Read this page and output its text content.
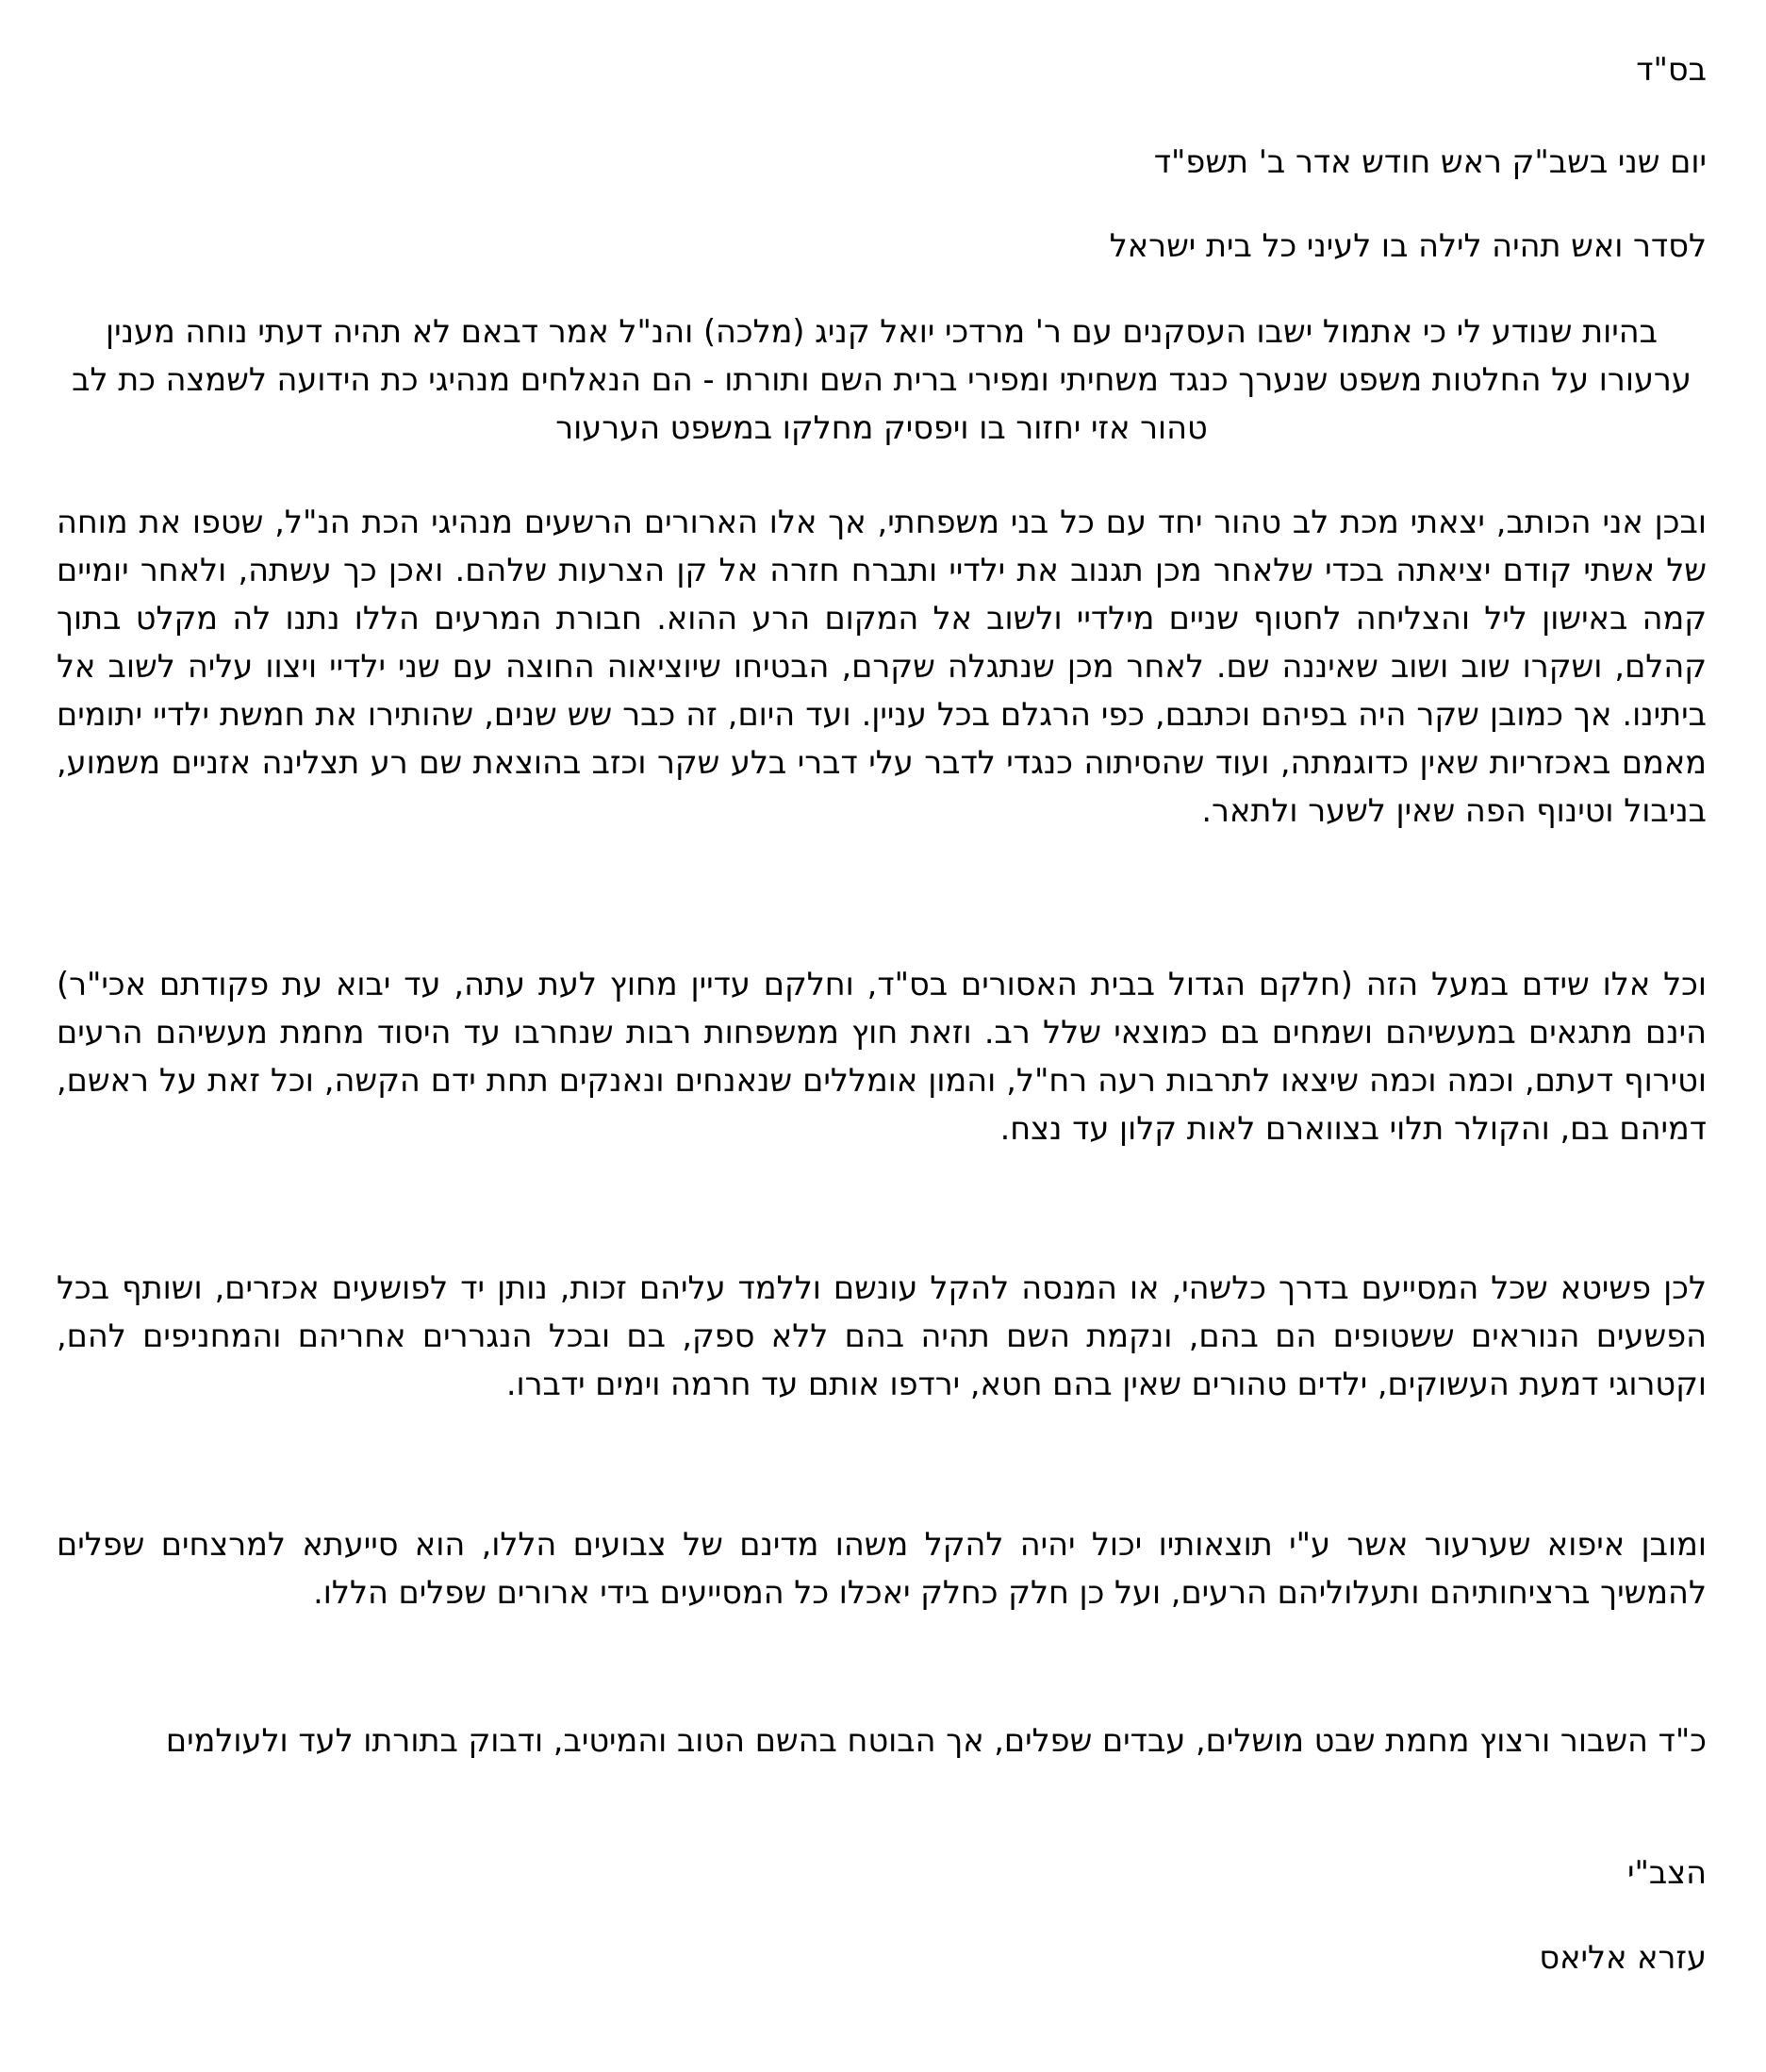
בס"ד
יום שני בשב"ק ראש חודש אדר ב' תשפ"ד
לסדר ואש תהיה לילה בו לעיני כל בית ישראל

בהיות שנודע לי כי אתמול ישבו העסקנים עם ר' מרדכי יואל קניג (מלכה) והנ"ל אמר דבאם לא תהיה דעתי נוחה מענין ערעורו על החלטות משפט שנערך כנגד משחיתי ומפירי ברית השם ותורתו - הם הנאלחים מנהיגי כת הידועה לשמצה כת לב טהור אזי יחזור בו ויפסיק מחלקו במשפט הערעור

ובכן אני הכותב, יצאתי מכת לב טהור יחד עם כל בני משפחתי, אך אלו הארורים הרשעים מנהיגי הכת הנ"ל, שטפו את מוחה של אשתי קודם יציאתה בכדי שלאחר מכן תגנוב את ילדיי ותברח חזרה אל קן הצרעות שלהם. ואכן כך עשתה, ולאחר יומיים קמה באישון ליל והצליחה לחטוף שניים מילדיי ולשוב אל המקום הרע ההוא. חבורת המרעים הללו נתנו לה מקלט בתוך קהלם, ושקרו שוב ושוב שאיננה שם. לאחר מכן שנתגלה שקרם, הבטיחו שיוציאוה החוצה עם שני ילדיי ויצוו עליה לשוב אל ביתינו. אך כמובן שקר היה בפיהם וכתבם, כפי הרגלם בכל עניין. ועד היום, זה כבר שש שנים, שהותירו את חמשת ילדיי יתומים מאמם באכזריות שאין כדוגמתה, ועוד שהסיתוה כנגדי לדבר עלי דברי בלע שקר וכזב בהוצאת שם רע תצלינה אזניים משמוע, בניבול וטינוף הפה שאין לשער ולתאר.

וכל אלו שידם במעל הזה (חלקם הגדול בבית האסורים בס"ד, וחלקם עדיין מחוץ לעת עתה, עד יבוא עת פקודתם אכי"ר) הינם מתגאים במעשיהם ושמחים בם כמוצאי שלל רב. וזאת חוץ ממשפחות רבות שנחרבו עד היסוד מחמת מעשיהם הרעים וטירוף דעתם, וכמה וכמה שיצאו לתרבות רעה רח"ל, והמון אומללים שנאנחים ונאנקים תחת ידם הקשה, וכל זאת על ראשם, דמיהם בם, והקולר תלוי בצווארם לאות קלון עד נצח.

לכן פשיטא שכל המסייעם בדרך כלשהי, או המנסה להקל עונשם וללמד עליהם זכות, נותן יד לפושעים אכזרים, ושותף בכל הפשעים הנוראים ששטופים הם בהם, ונקמת השם תהיה בהם ללא ספק, בם ובכל הנגררים אחריהם והמחניפים להם, וקטרוגי דמעת העשוקים, ילדים טהורים שאין בהם חטא, ירדפו אותם עד חרמה וימים ידברו.

ומובן איפוא שערעור אשר ע"י תוצאותיו יכול יהיה להקל משהו מדינם של צבועים הללו, הוא סייעתא למרצחים שפלים להמשיך ברציחותיהם ותעלוליהם הרעים, ועל כן חלק כחלק יאכלו כל המסייעים בידי ארורים שפלים הללו.

כ"ד השבור ורצוץ מחמת שבט מושלים, עבדים שפלים, אך הבוטח בהשם הטוב והמיטיב, ודבוק בתורתו לעד ולעולמים

הצב"י
עזרא אליאס
